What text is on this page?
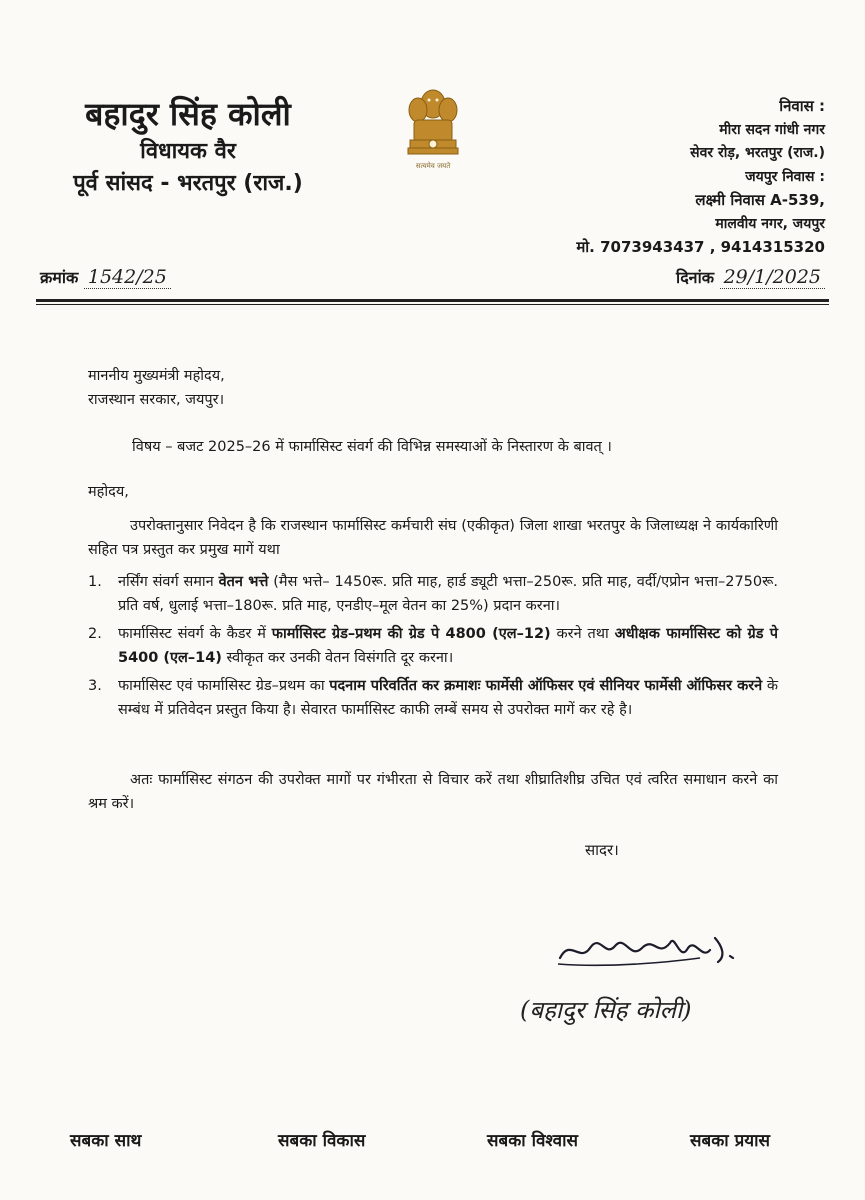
बहादुर सिंह कोली
विधायक वैर
पूर्व सांसद - भरतपुर (राज.)
सत्यमेव जयते
निवास :
मीरा सदन गांधी नगर
सेवर रोड़, भरतपुर (राज.)
जयपुर निवास :
लक्ष्मी निवास A-539,
मालवीय नगर, जयपुर
मो. 7073943437 , 9414315320
क्रमांक 1542/25	दिनांक 29/1/2025
माननीय मुख्यमंत्री महोदय,
राजस्थान सरकार, जयपुर।
विषय – बजट 2025–26 में फार्मासिस्ट संवर्ग की विभिन्न समस्याओं के निस्तारण के बावत् ।
महोदय,
उपरोक्तानुसार निवेदन है कि राजस्थान फार्मासिस्ट कर्मचारी संघ (एकीकृत) जिला शाखा भरतपुर के जिलाध्यक्ष ने कार्यकारिणी सहित पत्र प्रस्तुत कर प्रमुख मागें यथा
1. नर्सिंग संवर्ग समान वेतन भत्ते (मैस भत्ते– 1450रू. प्रति माह, हार्ड ड्यूटी भत्ता–250रू. प्रति माह, वर्दी/एप्रोन भत्ता–2750रू. प्रति वर्ष, धुलाई भत्ता–180रू. प्रति माह, एनडीए–मूल वेतन का 25%) प्रदान करना।
2. फार्मासिस्ट संवर्ग के कैडर में फार्मासिस्ट ग्रेड–प्रथम की ग्रेड पे 4800 (एल–12) करने तथा अधीक्षक फार्मासिस्ट को ग्रेड पे 5400 (एल–14) स्वीकृत कर उनकी वेतन विसंगति दूर करना।
3. फार्मासिस्ट एवं फार्मासिस्ट ग्रेड–प्रथम का पदनाम परिवर्तित कर क्रमाशः फार्मेसी ऑफिसर एवं सीनियर फार्मेसी ऑफिसर करने के सम्बंध में प्रतिवेदन प्रस्तुत किया है। सेवारत फार्मासिस्ट काफी लम्बें समय से उपरोक्त मागें कर रहे है।
अतः फार्मासिस्ट संगठन की उपरोक्त मागों पर गंभीरता से विचार करें तथा शीघ्रातिशीघ्र उचित एवं त्वरित समाधान करने का श्रम करें।
सादर।
(बहादुर सिंह कोली)
सबका साथ	सबका विकास	सबका विश्वास	सबका प्रयास
